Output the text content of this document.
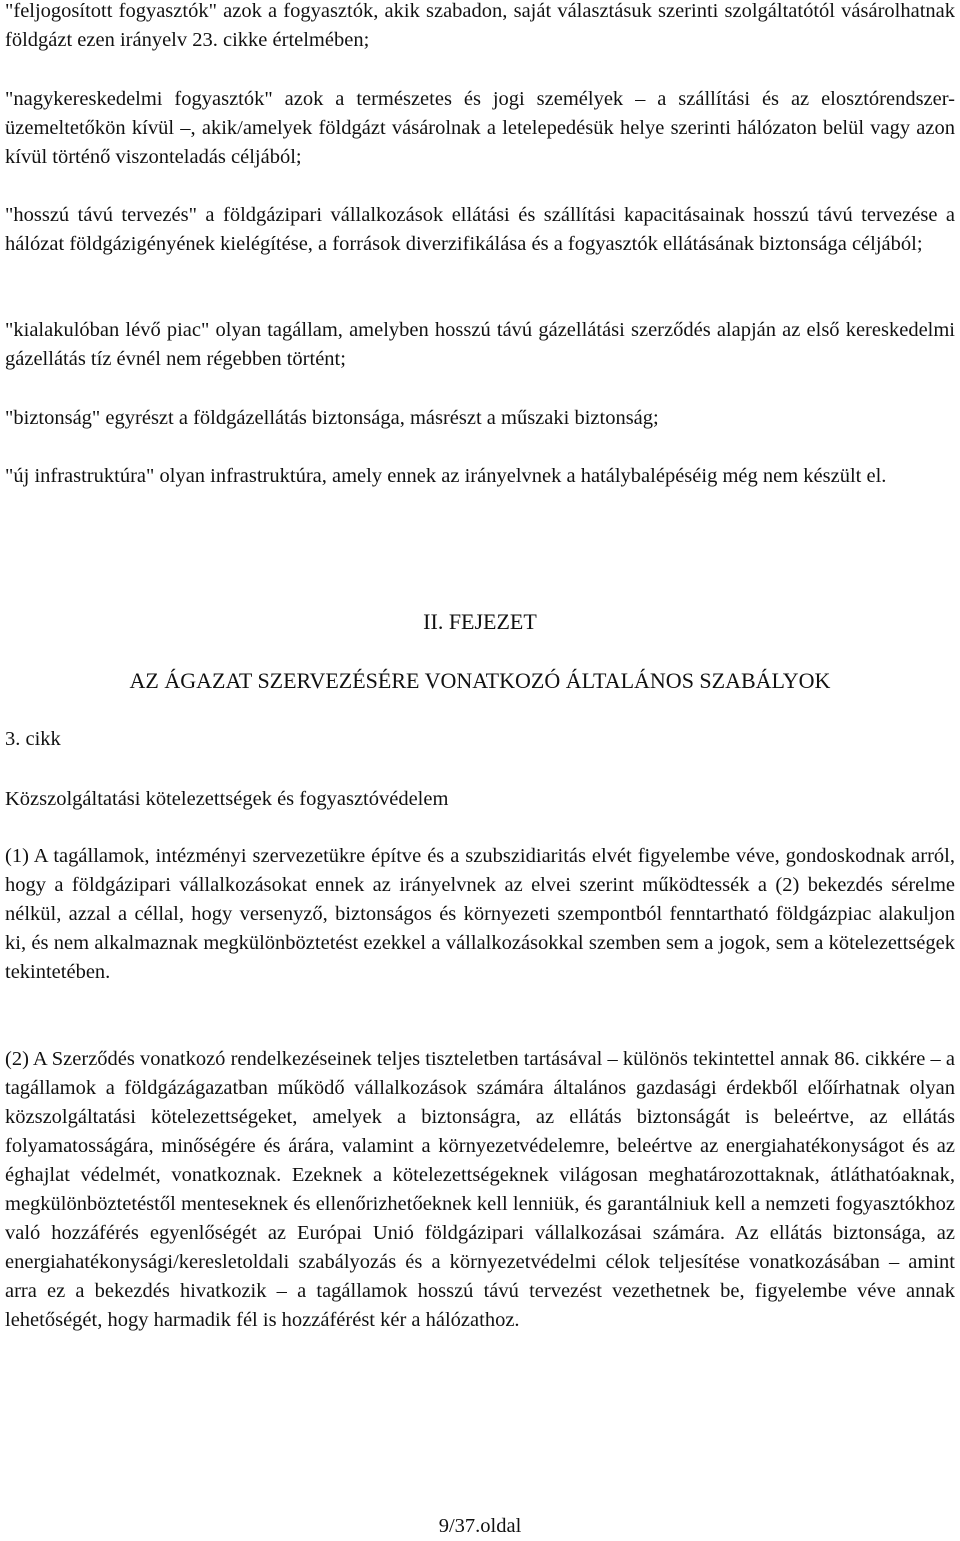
"feljogosított fogyasztók" azok a fogyasztók, akik szabadon, saját választásuk szerinti szolgáltatótól vásárolhatnak földgázt ezen irányelv 23. cikke értelmében;

"nagykereskedelmi fogyasztók" azok a természetes és jogi személyek – a szállítási és az elosztórendszer-üzemeltetőkön kívül –, akik/amelyek földgázt vásárolnak a letelepedésük helye szerinti hálózaton belül vagy azon kívül történő viszonteladás céljából;

"hosszú távú tervezés" a földgázipari vállalkozások ellátási és szállítási kapacitásainak hosszú távú tervezése a hálózat földgázigényének kielégítése, a források diverzifikálása és a fogyasztók ellátásának biztonsága céljából;

"kialakulóban lévő piac" olyan tagállam, amelyben hosszú távú gázellátási szerződés alapján az első kereskedelmi gázellátás tíz évnél nem régebben történt;

"biztonság" egyrészt a földgázellátás biztonsága, másrészt a műszaki biztonság;

"új infrastruktúra" olyan infrastruktúra, amely ennek az irányelvnek a hatálybalépéséig még nem készült el.

II. FEJEZET
AZ ÁGAZAT SZERVEZÉSÉRE VONATKOZÓ ÁLTALÁNOS SZABÁLYOK
3. cikk
Közszolgáltatási kötelezettségek és fogyasztóvédelem

(1) A tagállamok, intézményi szervezetükre építve és a szubszidiaritás elvét figyelembe véve, gondoskodnak arról, hogy a földgázipari vállalkozásokat ennek az irányelvnek az elvei szerint működtessék a (2) bekezdés sérelme nélkül, azzal a céllal, hogy versenyző, biztonságos és környezeti szempontból fenntartható földgázpiac alakuljon ki, és nem alkalmaznak megkülönböztetést ezekkel a vállalkozásokkal szemben sem a jogok, sem a kötelezettségek tekintetében.

(2) A Szerződés vonatkozó rendelkezéseinek teljes tiszteletben tartásával – különös tekintettel annak 86. cikkére – a tagállamok a földgázágazatban működő vállalkozások számára általános gazdasági érdekből előírhatnak olyan közszolgáltatási kötelezettségeket, amelyek a biztonságra, az ellátás biztonságát is beleértve, az ellátás folyamatosságára, minőségére és árára, valamint a környezetvédelemre, beleértve az energiahatékonyságot és az éghajlat védelmét, vonatkoznak. Ezeknek a kötelezettségeknek világosan meghatározottaknak, átláthatóaknak, megkülönböztetéstől menteseknek és ellenőrizhetőeknek kell lenniük, és garantálniuk kell a nemzeti fogyasztókhoz való hozzáférés egyenlőségét az Európai Unió földgázipari vállalkozásai számára. Az ellátás biztonsága, az energiahatékonysági/keresletoldali szabályozás és a környezetvédelmi célok teljesítése vonatkozásában – amint arra ez a bekezdés hivatkozik – a tagállamok hosszú távú tervezést vezethetnek be, figyelembe véve annak lehetőségét, hogy harmadik fél is hozzáférést kér a hálózathoz.

9/37.oldal
